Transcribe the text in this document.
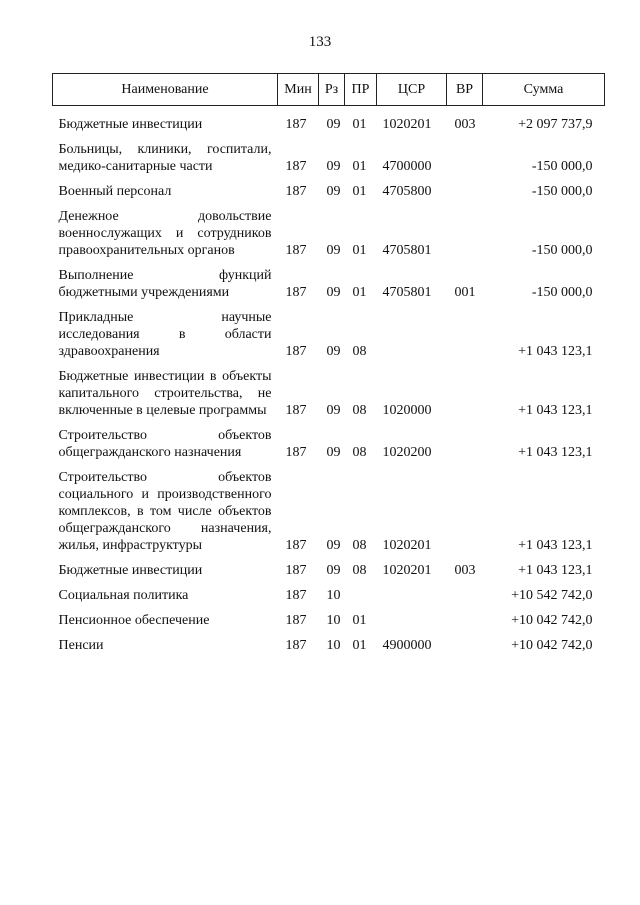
133
Наименование	Мин	Рз	ПР	ЦСР	ВР	Сумма

Бюджетные инвестиции	187	09	01	1020201	003	+2 097 737,9
Больницы, клиники, госпитали, медико-санитарные части	187	09	01	4700000		-150 000,0
Военный персонал	187	09	01	4705800		-150 000,0
Денежное довольствие военнослужащих и сотрудников правоохранительных органов	187	09	01	4705801		-150 000,0
Выполнение функций бюджетными учреждениями	187	09	01	4705801	001	-150 000,0
Прикладные научные исследования в области здравоохранения	187	09	08			+1 043 123,1
Бюджетные инвестиции в объекты капитального строительства, не включенные в целевые программы	187	09	08	1020000		+1 043 123,1
Строительство объектов общегражданского назначения	187	09	08	1020200		+1 043 123,1
Строительство объектов социального и производственного комплексов, в том числе объектов общегражданского назначения, жилья, инфраструктуры	187	09	08	1020201		+1 043 123,1
Бюджетные инвестиции	187	09	08	1020201	003	+1 043 123,1
Социальная политика	187	10				+10 542 742,0
Пенсионное обеспечение	187	10	01			+10 042 742,0
Пенсии	187	10	01	4900000		+10 042 742,0
